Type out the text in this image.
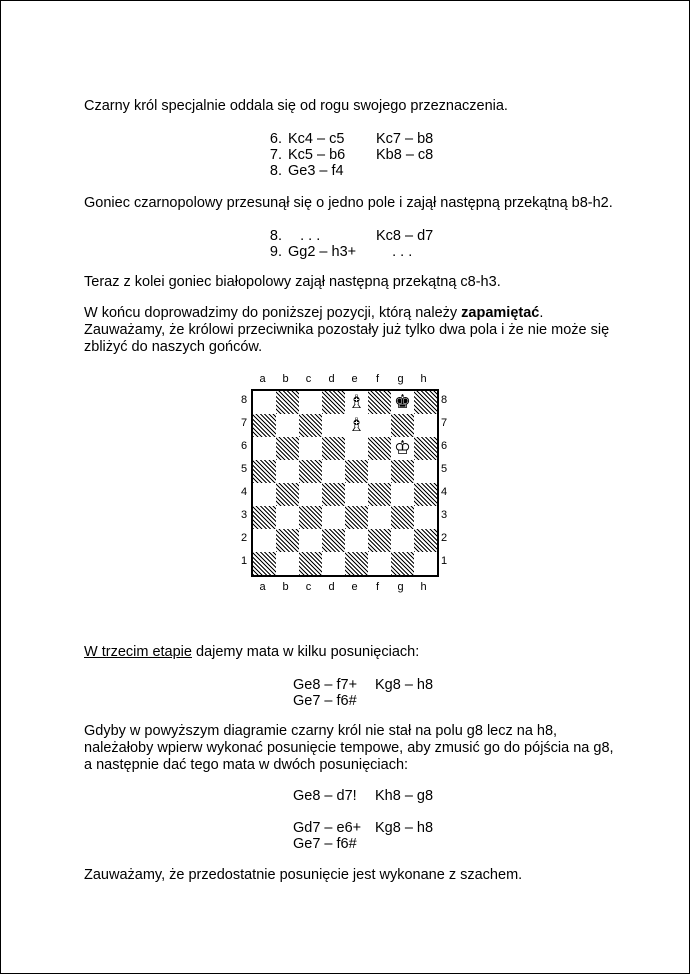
Czarny król specjalnie oddala się od rogu swojego przeznaczenia.

6. Kc4 – c5	Kc7 – b8
7. Kc5 – b6	Kb8 – c8
8. Ge3 – f4

Goniec czarnopolowy przesunął się o jedno pole i zajął następną przekątną b8-h2.

8. . . .	Kc8 – d7
9. Gg2 – h3+	. . .

Teraz z kolei goniec białopolowy zajął następną przekątną c8-h3.

W końcu doprowadzimy do poniższej pozycji, którą należy zapamiętać.
Zauważamy, że królowi przeciwnika pozostały już tylko dwa pola i że nie może się zbliżyć do naszych gońców.

a	b	c	d	e	f	g	h
8
7
6
5
4
3
2
1
♗ ♚
♗
♔
8
7
6
5
4
3
2
1
a	b	c	d	e	f	g	h

W trzecim etapie dajemy mata w kilku posunięciach:

Ge8 – f7+	Kg8 – h8
Ge7 – f6#

Gdyby w powyższym diagramie czarny król nie stał na polu g8 lecz na h8, należałoby wpierw wykonać posunięcie tempowe, aby zmusić go do pójścia na g8, a następnie dać tego mata w dwóch posunięciach:

Ge8 – d7!	Kh8 – g8
Gd7 – e6+ Kg8 – h8
Ge7 – f6#

Zauważamy, że przedostatnie posunięcie jest wykonane z szachem.
